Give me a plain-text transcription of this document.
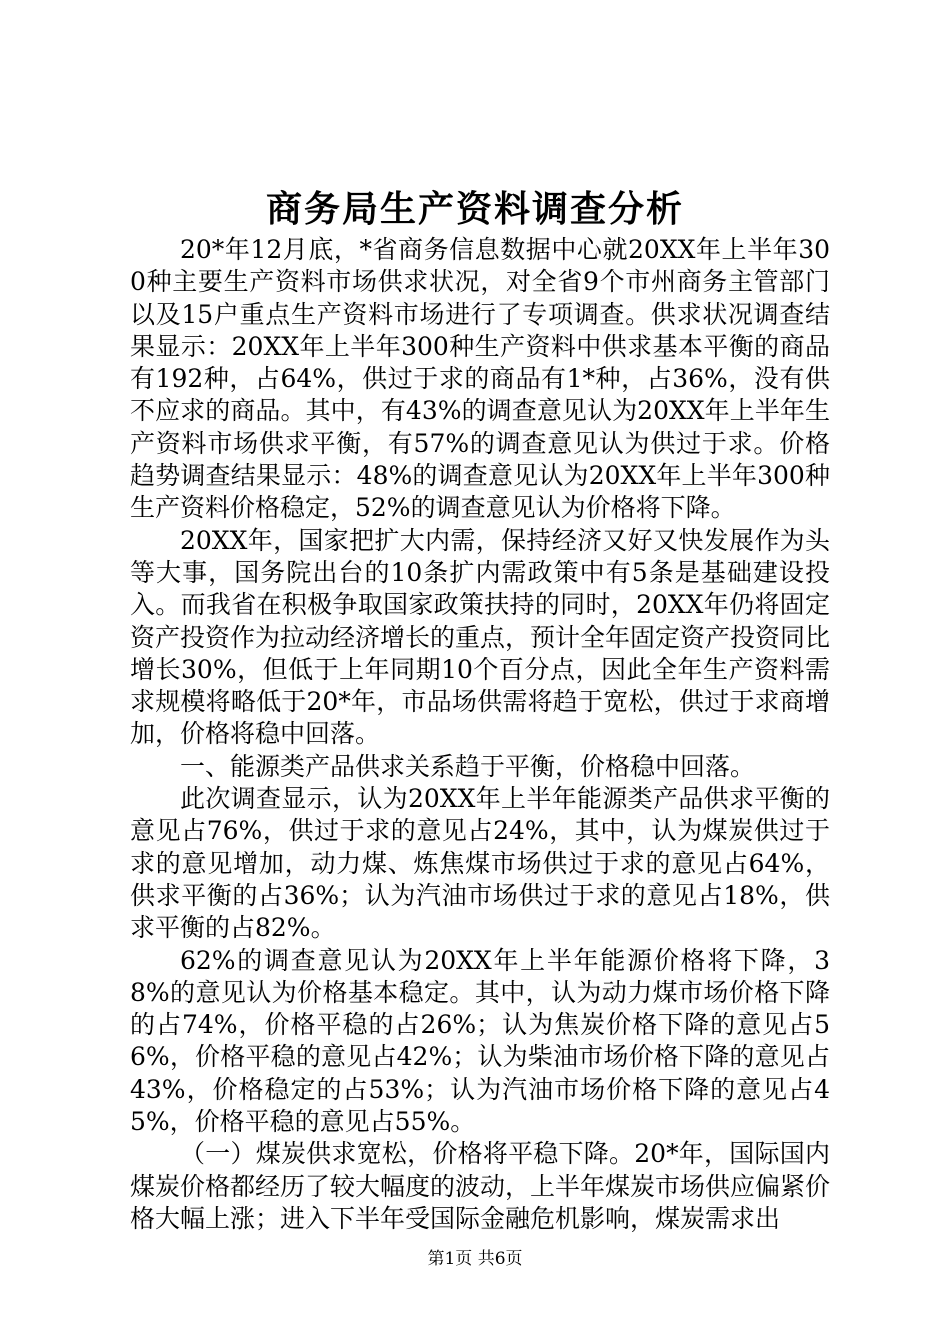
商务局生产资料调查分析

20*年12月底，*省商务信息数据中心就20XX年上半年300种主要生产资料市场供求状况，对全省9个市州商务主管部门以及15户重点生产资料市场进行了专项调查。供求状况调查结果显示：20XX年上半年300种生产资料中供求基本平衡的商品有192种，占64%，供过于求的商品有1*种，占36%，没有供不应求的商品。其中，有43%的调查意见认为20XX年上半年生产资料市场供求平衡，有57%的调查意见认为供过于求。价格趋势调查结果显示：48%的调查意见认为20XX年上半年300种生产资料价格稳定，52%的调查意见认为价格将下降。

20XX年，国家把扩大内需，保持经济又好又快发展作为头等大事，国务院出台的10条扩内需政策中有5条是基础建设投入。而我省在积极争取国家政策扶持的同时，20XX年仍将固定资产投资作为拉动经济增长的重点，预计全年固定资产投资同比增长30%，但低于上年同期10个百分点，因此全年生产资料需求规模将略低于20*年，市品场供需将趋于宽松，供过于求商增加，价格将稳中回落。

一、能源类产品供求关系趋于平衡，价格稳中回落。

此次调查显示，认为20XX年上半年能源类产品供求平衡的意见占76%，供过于求的意见占24%，其中，认为煤炭供过于求的意见增加，动力煤、炼焦煤市场供过于求的意见占64%，供求平衡的占36%；认为汽油市场供过于求的意见占18%，供求平衡的占82%。

62%的调查意见认为20XX年上半年能源价格将下降，38%的意见认为价格基本稳定。其中，认为动力煤市场价格下降的占74%，价格平稳的占26%；认为焦炭价格下降的意见占56%，价格平稳的意见占42%；认为柴油市场价格下降的意见占43%，价格稳定的占53%；认为汽油市场价格下降的意见占45%，价格平稳的意见占55%。

（一）煤炭供求宽松，价格将平稳下降。20*年，国际国内煤炭价格都经历了较大幅度的波动，上半年煤炭市场供应偏紧价格大幅上涨；进入下半年受国际金融危机影响，煤炭需求出

第1页 共6页
